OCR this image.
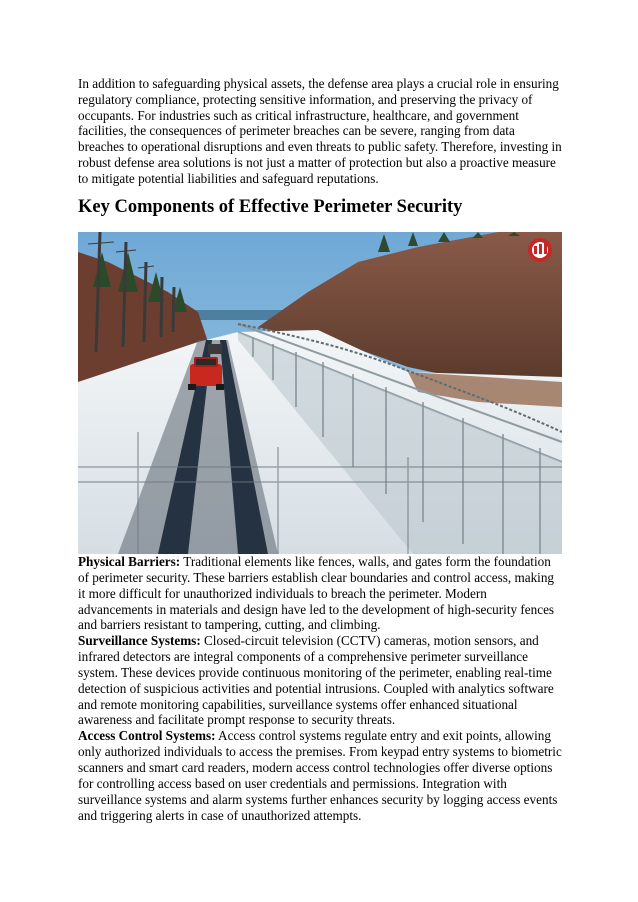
In addition to safeguarding physical assets, the defense area plays a crucial role in ensuring regulatory compliance, protecting sensitive information, and preserving the privacy of occupants. For industries such as critical infrastructure, healthcare, and government facilities, the consequences of perimeter breaches can be severe, ranging from data breaches to operational disruptions and even threats to public safety. Therefore, investing in robust defense area solutions is not just a matter of protection but also a proactive measure to mitigate potential liabilities and safeguard reputations.

Key Components of Effective Perimeter Security

Physical Barriers: Traditional elements like fences, walls, and gates form the foundation of perimeter security. These barriers establish clear boundaries and control access, making it more difficult for unauthorized individuals to breach the perimeter. Modern advancements in materials and design have led to the development of high-security fences and barriers resistant to tampering, cutting, and climbing.

Surveillance Systems: Closed-circuit television (CCTV) cameras, motion sensors, and infrared detectors are integral components of a comprehensive perimeter surveillance system. These devices provide continuous monitoring of the perimeter, enabling real-time detection of suspicious activities and potential intrusions. Coupled with analytics software and remote monitoring capabilities, surveillance systems offer enhanced situational awareness and facilitate prompt response to security threats.

Access Control Systems: Access control systems regulate entry and exit points, allowing only authorized individuals to access the premises. From keypad entry systems to biometric scanners and smart card readers, modern access control technologies offer diverse options for controlling access based on user credentials and permissions. Integration with surveillance systems and alarm systems further enhances security by logging access events and triggering alerts in case of unauthorized attempts.
